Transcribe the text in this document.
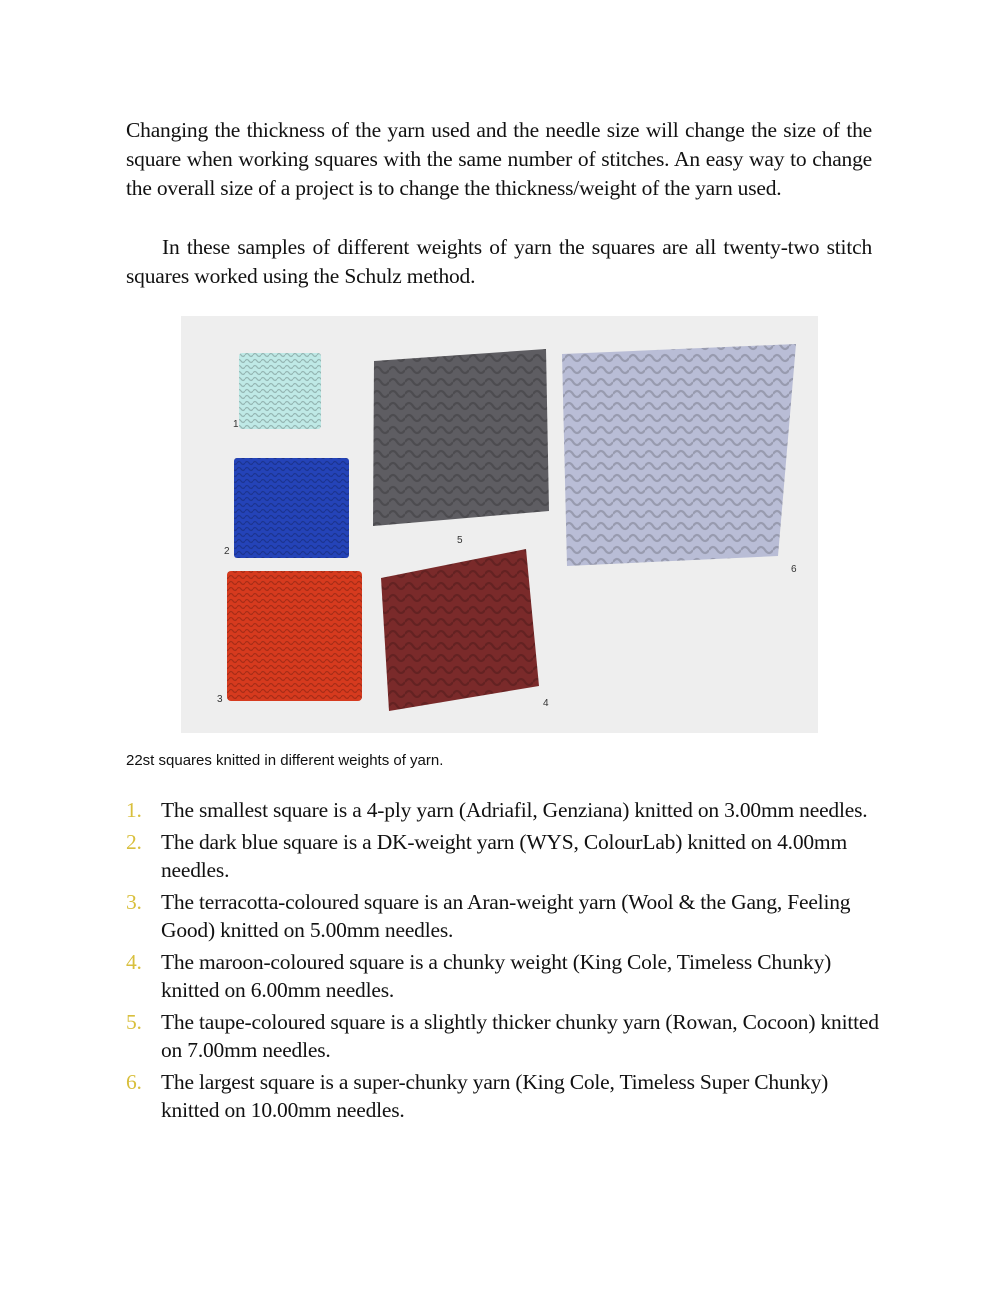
Changing the thickness of the yarn used and the needle size will change the size of the square when working squares with the same number of stitches. An easy way to change the overall size of a project is to change the thickness/weight of the yarn used.

In these samples of different weights of yarn the squares are all twenty-two stitch squares worked using the Schulz method.

1
2
3	4
5
6

22st squares knitted in different weights of yarn.

1. The smallest square is a 4-ply yarn (Adriafil, Genziana) knitted on 3.00mm needles.
2. The dark blue square is a DK-weight yarn (WYS, ColourLab) knitted on 4.00mm needles.
3. The terracotta-coloured square is an Aran-weight yarn (Wool & the Gang, Feeling Good) knitted on 5.00mm needles.
4. The maroon-coloured square is a chunky weight (King Cole, Timeless Chunky) knitted on 6.00mm needles.
5. The taupe-coloured square is a slightly thicker chunky yarn (Rowan, Cocoon) knitted on 7.00mm needles.
6. The largest square is a super-chunky yarn (King Cole, Timeless Super Chunky) knitted on 10.00mm needles.
